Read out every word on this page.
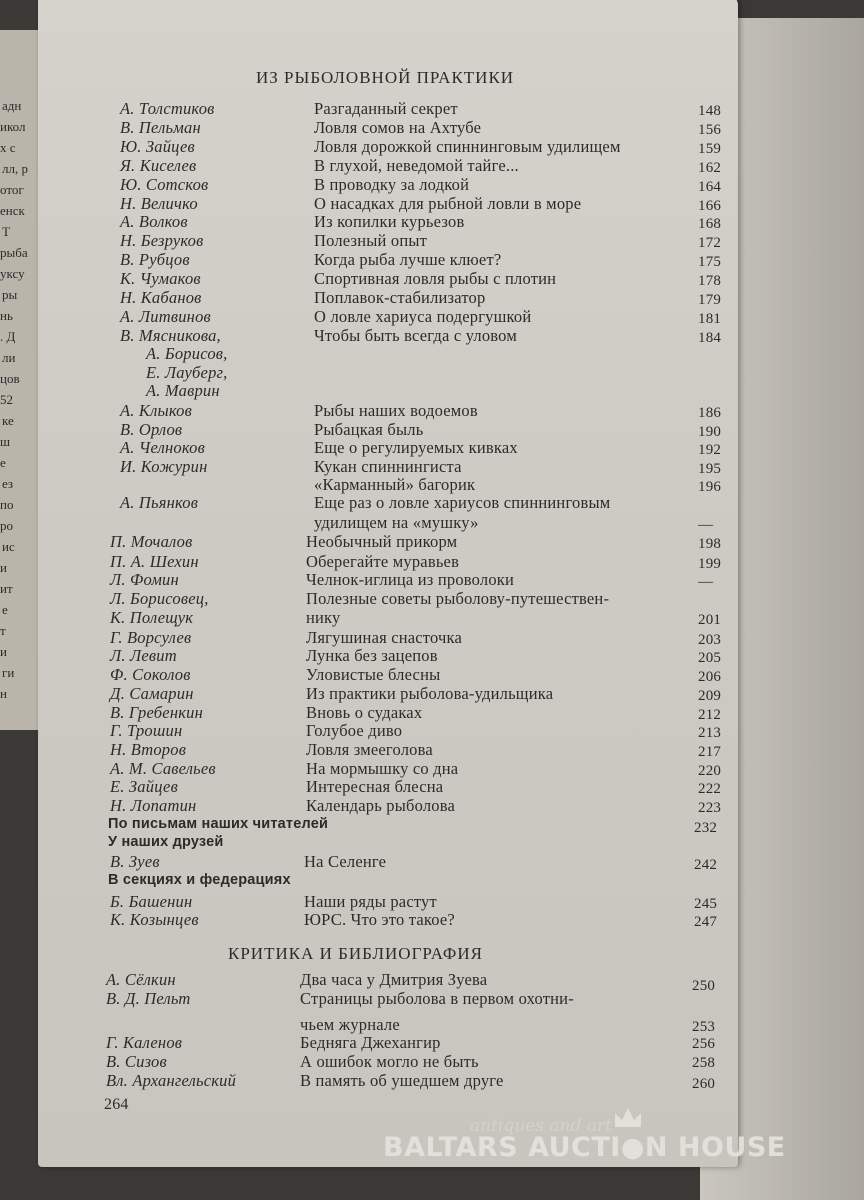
адн
икол
х с
лл, р
отог
енск
Т
рыба
уксу
ры
нь
. Д
ли
цов
52
ке
ш
е
ез
по
ро
ис
и
ит
е
т
и
ги
н
ИЗ РЫБОЛОВНОЙ ПРАКТИКИ
А. Толстиков	Разгаданный секрет	148
В. Пельман	Ловля сомов на Ахтубе	156
Ю. Зайцев	Ловля дорожкой спиннинговым удилищем	159
Я. Киселев	В глухой, неведомой тайге...	162
Ю. Сотсков	В проводку за лодкой	164
Н. Величко	О насадках для рыбной ловли в море	166
А. Волков	Из копилки курьезов	168
Н. Безруков	Полезный опыт	172
В. Рубцов	Когда рыба лучше клюет?	175
К. Чумаков	Спортивная ловля рыбы с плотин	178
Н. Кабанов	Поплавок-стабилизатор	179
А. Литвинов	О ловле хариуса подергушкой	181
В. Мясникова,	Чтобы быть всегда с уловом	184
А. Борисов,
Е. Лауберг,
А. Маврин
А. Клыков	Рыбы наших водоемов	186
В. Орлов	Рыбацкая быль	190
А. Челноков	Еще о регулируемых кивках	192
И. Кожурин	Кукан спиннингиста	195
«Карманный» багорик	196
А. Пьянков	Еще раз о ловле хариусов спиннинговым
удилищем на «мушку»	—
П. Мочалов	Необычный прикорм	198
П. А. Шехин	Оберегайте муравьев	199
Л. Фомин	Челнок-иглица из проволоки	—
Л. Борисовец,	Полезные советы рыболову-путешествен-
К. Полещук	нику	201
Г. Ворсулев	Лягушиная снасточка	203
Л. Левит	Лунка без зацепов	205
Ф. Соколов	Уловистые блесны	206
Д. Самарин	Из практики рыболова-удильщика	209
В. Гребенкин	Вновь о судаках	212
Г. Трошин	Голубое диво	213
Н. Второв	Ловля змееголова	217
А. М. Савельев	На мормышку со дна	220
Е. Зайцев	Интересная блесна	222
Н. Лопатин	Календарь рыболова	223
По письмам наших читателей	232
У наших друзей
В. Зуев	На Селенге	242
В секциях и федерациях
Б. Башенин	Наши ряды растут	245
К. Козынцев	ЮРС. Что это такое?	247
КРИТИКА И БИБЛИОГРАФИЯ
А. Сёлкин	Два часа у Дмитрия Зуева	250
В. Д. Пельт	Страницы рыболова в первом охотни-
чьем журнале	253
Г. Каленов	Бедняга Джехангир	256
В. Сизов	А ошибок могло не быть	258
Вл. Архангельский	В память об ушедшем друге	260
264
antiques and art
BALTARS AUCTI●N HOUSE
